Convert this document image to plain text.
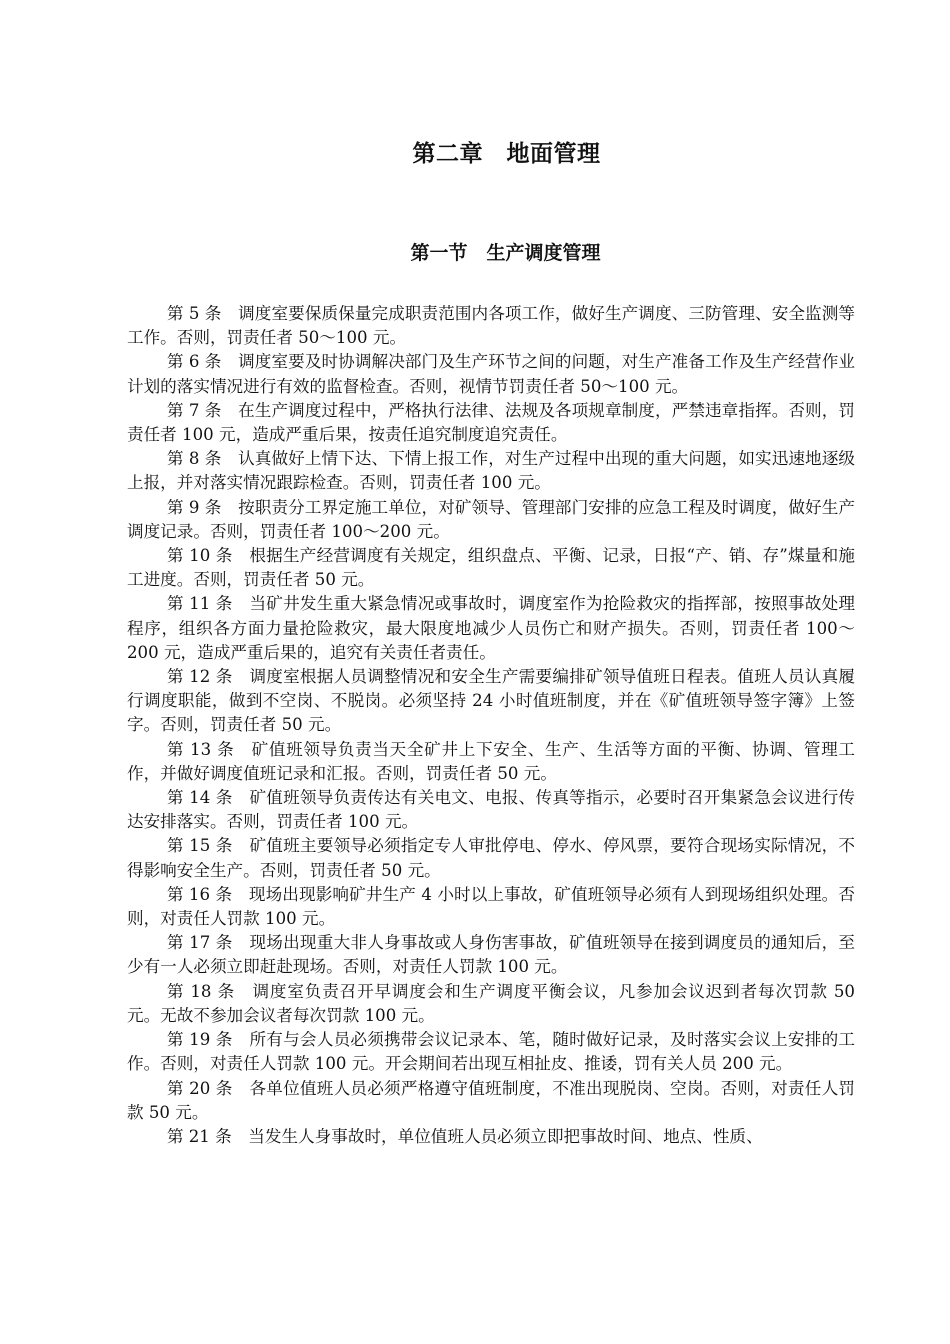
第二章　地面管理
第一节　生产调度管理

第 5 条　调度室要保质保量完成职责范围内各项工作，做好生产调度、三防管理、安全监测等工作。否则，罚责任者 50～100 元。

第 6 条　调度室要及时协调解决部门及生产环节之间的问题，对生产准备工作及生产经营作业计划的落实情况进行有效的监督检查。否则，视情节罚责任者 50～100 元。

第 7 条　在生产调度过程中，严格执行法律、法规及各项规章制度，严禁违章指挥。否则，罚责任者 100 元，造成严重后果，按责任追究制度追究责任。

第 8 条　认真做好上情下达、下情上报工作，对生产过程中出现的重大问题，如实迅速地逐级上报，并对落实情况跟踪检查。否则，罚责任者 100 元。

第 9 条　按职责分工界定施工单位，对矿领导、管理部门安排的应急工程及时调度，做好生产调度记录。否则，罚责任者 100～200 元。

第 10 条　根据生产经营调度有关规定，组织盘点、平衡、记录，日报“产、销、存”煤量和施工进度。否则，罚责任者 50 元。

第 11 条　当矿井发生重大紧急情况或事故时，调度室作为抢险救灾的指挥部，按照事故处理程序，组织各方面力量抢险救灾，最大限度地减少人员伤亡和财产损失。否则，罚责任者 100～200 元，造成严重后果的，追究有关责任者责任。

第 12 条　调度室根据人员调整情况和安全生产需要编排矿领导值班日程表。值班人员认真履行调度职能，做到不空岗、不脱岗。必须坚持 24 小时值班制度，并在《矿值班领导签字簿》上签字。否则，罚责任者 50 元。

第 13 条　矿值班领导负责当天全矿井上下安全、生产、生活等方面的平衡、协调、管理工作，并做好调度值班记录和汇报。否则，罚责任者 50 元。

第 14 条　矿值班领导负责传达有关电文、电报、传真等指示，必要时召开集紧急会议进行传达安排落实。否则，罚责任者 100 元。

第 15 条　矿值班主要领导必须指定专人审批停电、停水、停风票，要符合现场实际情况，不得影响安全生产。否则，罚责任者 50 元。

第 16 条　现场出现影响矿井生产 4 小时以上事故，矿值班领导必须有人到现场组织处理。否则，对责任人罚款 100 元。

第 17 条　现场出现重大非人身事故或人身伤害事故，矿值班领导在接到调度员的通知后，至少有一人必须立即赶赴现场。否则，对责任人罚款 100 元。

第 18 条　调度室负责召开早调度会和生产调度平衡会议，凡参加会议迟到者每次罚款 50 元。无故不参加会议者每次罚款 100 元。

第 19 条　所有与会人员必须携带会议记录本、笔，随时做好记录，及时落实会议上安排的工作。否则，对责任人罚款 100 元。开会期间若出现互相扯皮、推诿，罚有关人员 200 元。

第 20 条　各单位值班人员必须严格遵守值班制度，不准出现脱岗、空岗。否则，对责任人罚款 50 元。

第 21 条　当发生人身事故时，单位值班人员必须立即把事故时间、地点、性质、
